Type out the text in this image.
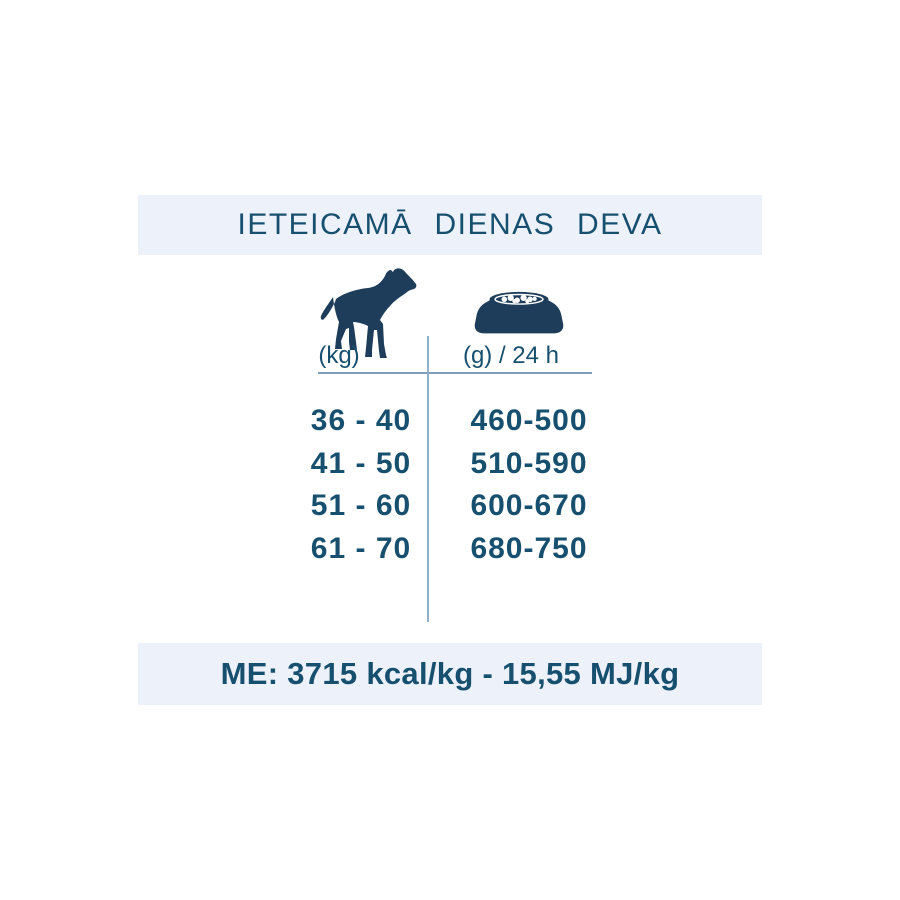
IETEICAMĀ DIENAS DEVA
(kg)	(g) / 24 h
36 - 40	460-500
41 - 50	510-590
51 - 60	600-670
61 - 70	680-750
ME: 3715 kcal/kg - 15,55 MJ/kg
